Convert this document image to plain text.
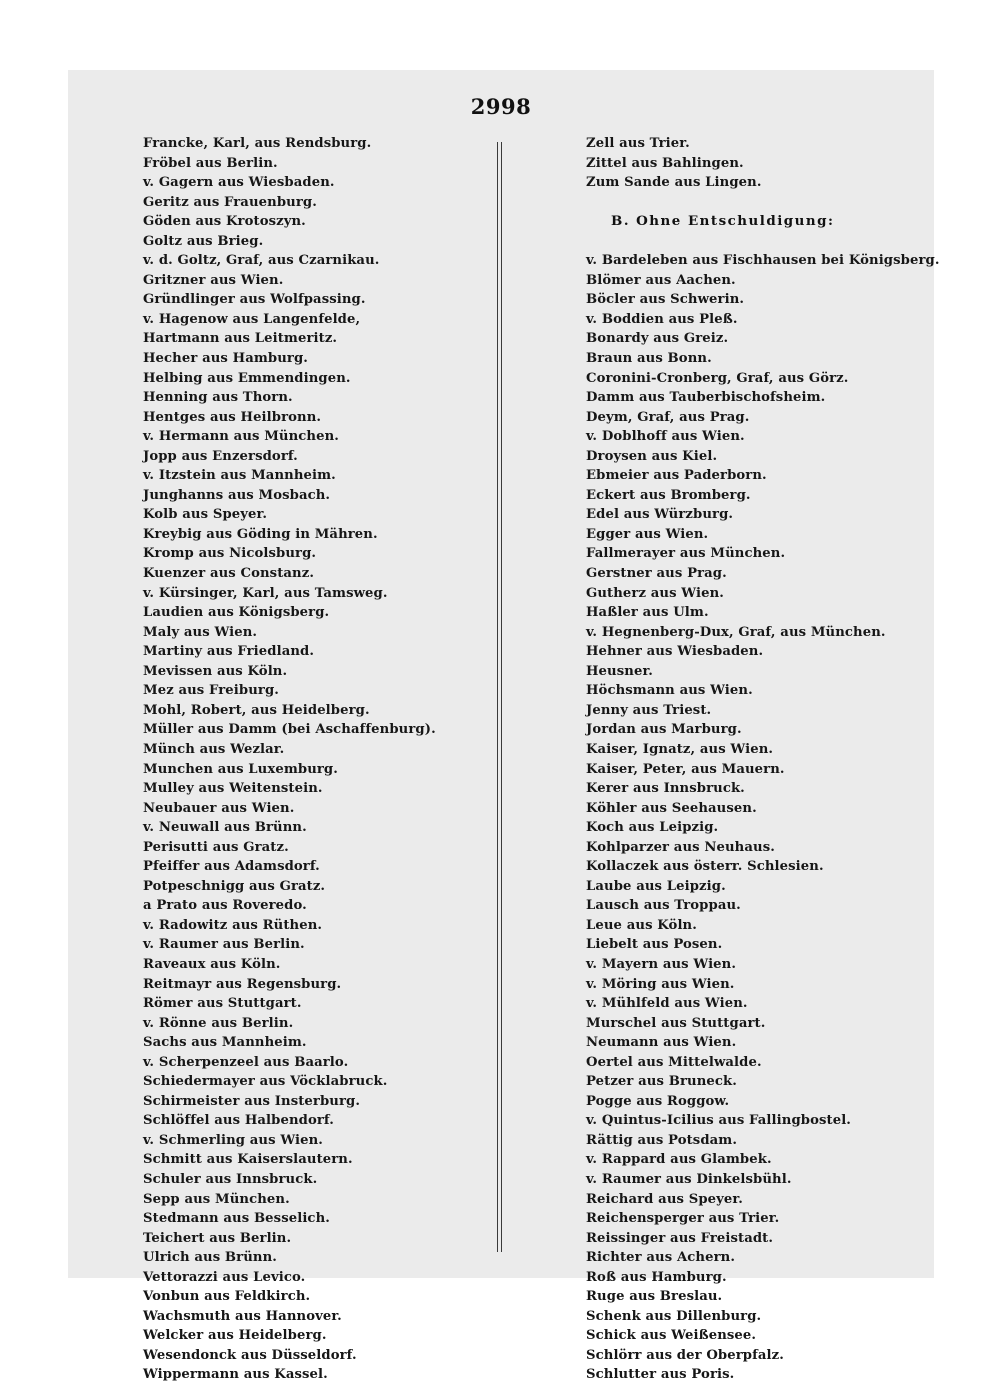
2998
Francke, Karl, aus Rendsburg.
Fröbel aus Berlin.
v. Gagern aus Wiesbaden.
Geritz aus Frauenburg.
Göden aus Krotoszyn.
Goltz aus Brieg.
v. d. Goltz, Graf, aus Czarnikau.
Gritzner aus Wien.
Gründlinger aus Wolfpassing.
v. Hagenow aus Langenfelde,
Hartmann aus Leitmeritz.
Hecher aus Hamburg.
Helbing aus Emmendingen.
Henning aus Thorn.
Hentges aus Heilbronn.
v. Hermann aus München.
Jopp aus Enzersdorf.
v. Itzstein aus Mannheim.
Junghanns aus Mosbach.
Kolb aus Speyer.
Kreybig aus Göding in Mähren.
Kromp aus Nicolsburg.
Kuenzer aus Constanz.
v. Kürsinger, Karl, aus Tamsweg.
Laudien aus Königsberg.
Maly aus Wien.
Martiny aus Friedland.
Mevissen aus Köln.
Mez aus Freiburg.
Mohl, Robert, aus Heidelberg.
Müller aus Damm (bei Aschaffenburg).
Münch aus Wezlar.
Munchen aus Luxemburg.
Mulley aus Weitenstein.
Neubauer aus Wien.
v. Neuwall aus Brünn.
Perisutti aus Gratz.
Pfeiffer aus Adamsdorf.
Potpeschnigg aus Gratz.
a Prato aus Roveredo.
v. Radowitz aus Rüthen.
v. Raumer aus Berlin.
Raveaux aus Köln.
Reitmayr aus Regensburg.
Römer aus Stuttgart.
v. Rönne aus Berlin.
Sachs aus Mannheim.
v. Scherpenzeel aus Baarlo.
Schiedermayer aus Vöcklabruck.
Schirmeister aus Insterburg.
Schlöffel aus Halbendorf.
v. Schmerling aus Wien.
Schmitt aus Kaiserslautern.
Schuler aus Innsbruck.
Sepp aus München.
Stedmann aus Besselich.
Teichert aus Berlin.
Ulrich aus Brünn.
Vettorazzi aus Levico.
Vonbun aus Feldkirch.
Wachsmuth aus Hannover.
Welcker aus Heidelberg.
Wesendonck aus Düsseldorf.
Wippermann aus Kassel.
Zell aus Trier.
Zittel aus Bahlingen.
Zum Sande aus Lingen.
B. Ohne Entschuldigung:
v. Bardeleben aus Fischhausen bei Königsberg.
Blömer aus Aachen.
Böcler aus Schwerin.
v. Boddien aus Pleß.
Bonardy aus Greiz.
Braun aus Bonn.
Coronini-Cronberg, Graf, aus Görz.
Damm aus Tauberbischofsheim.
Deym, Graf, aus Prag.
v. Doblhoff aus Wien.
Droysen aus Kiel.
Ebmeier aus Paderborn.
Eckert aus Bromberg.
Edel aus Würzburg.
Egger aus Wien.
Fallmerayer aus München.
Gerstner aus Prag.
Gutherz aus Wien.
Haßler aus Ulm.
v. Hegnenberg-Dux, Graf, aus München.
Hehner aus Wiesbaden.
Heusner.
Höchsmann aus Wien.
Jenny aus Triest.
Jordan aus Marburg.
Kaiser, Ignatz, aus Wien.
Kaiser, Peter, aus Mauern.
Kerer aus Innsbruck.
Köhler aus Seehausen.
Koch aus Leipzig.
Kohlparzer aus Neuhaus.
Kollaczek aus österr. Schlesien.
Laube aus Leipzig.
Lausch aus Troppau.
Leue aus Köln.
Liebelt aus Posen.
v. Mayern aus Wien.
v. Möring aus Wien.
v. Mühlfeld aus Wien.
Murschel aus Stuttgart.
Neumann aus Wien.
Oertel aus Mittelwalde.
Petzer aus Bruneck.
Pogge aus Roggow.
v. Quintus-Icilius aus Fallingbostel.
Rättig aus Potsdam.
v. Rappard aus Glambek.
v. Raumer aus Dinkelsbühl.
Reichard aus Speyer.
Reichensperger aus Trier.
Reissinger aus Freistadt.
Richter aus Achern.
Roß aus Hamburg.
Ruge aus Breslau.
Schenk aus Dillenburg.
Schick aus Weißensee.
Schlörr aus der Oberpfalz.
Schlutter aus Poris.
